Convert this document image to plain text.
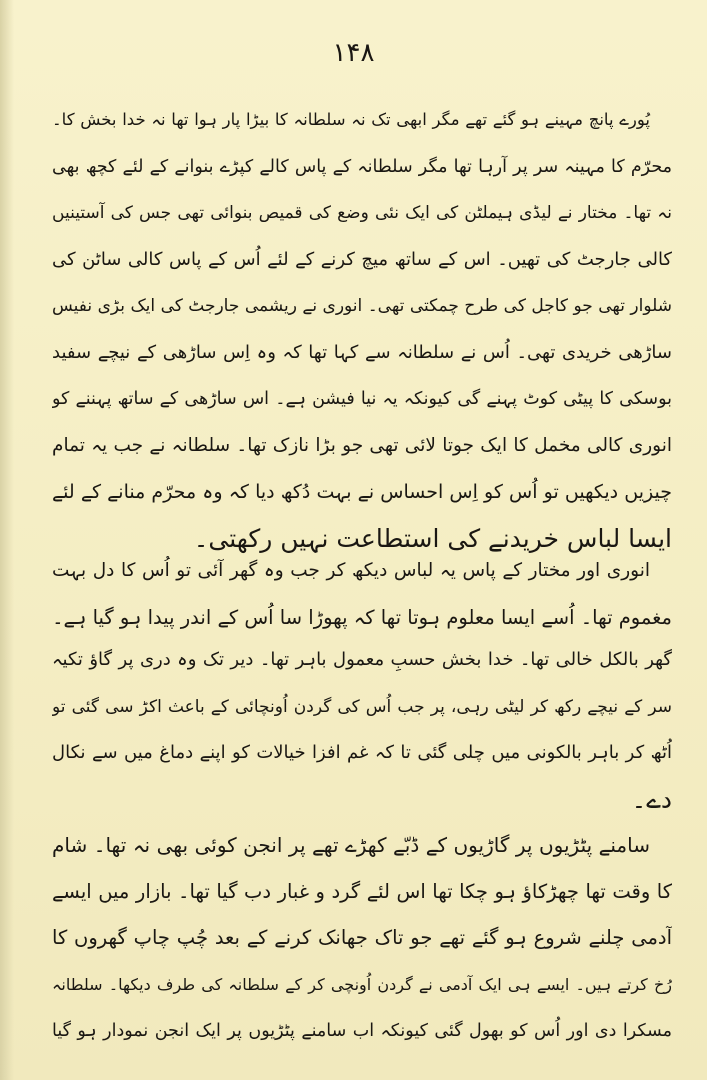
۱۴۸
پُورے پانچ مہینے ہو گئے تھے مگر ابھی تک نہ سلطانہ کا بیڑا پار ہوا تھا نہ خدا بخش کا۔
محرّم کا مہینہ سر پر آرہا تھا مگر سلطانہ کے پاس کالے کپڑے بنوانے کے لئے کچھ بھی
نہ تھا۔ مختار نے لیڈی ہیملٹن کی ایک نئی وضع کی قمیص بنوائی تھی جس کی آستینیں
کالی جارجٹ کی تھیں۔ اس کے ساتھ میچ کرنے کے لئے اُس کے پاس کالی ساٹن کی
شلوار تھی جو کاجل کی طرح چمکتی تھی۔ انوری نے ریشمی جارجٹ کی ایک بڑی نفیس
ساڑھی خریدی تھی۔ اُس نے سلطانہ سے کہا تھا کہ وہ اِس ساڑھی کے نیچے سفید
بوسکی کا پیٹی کوٹ پہنے گی کیونکہ یہ نیا فیشن ہے۔ اس ساڑھی کے ساتھ پہننے کو
انوری کالی مخمل کا ایک جوتا لائی تھی جو بڑا نازک تھا۔ سلطانہ نے جب یہ تمام
چیزیں دیکھیں تو اُس کو اِس احساس نے بہت دُکھ دیا کہ وہ محرّم منانے کے لئے
ایسا لباس خریدنے کی استطاعت نہیں رکھتی۔
انوری اور مختار کے پاس یہ لباس دیکھ کر جب وہ گھر آئی تو اُس کا دل بہت
مغموم تھا۔ اُسے ایسا معلوم ہوتا تھا کہ پھوڑا سا اُس کے اندر پیدا ہو گیا ہے۔
گھر بالکل خالی تھا۔ خدا بخش حسبِ معمول باہر تھا۔ دیر تک وہ دری پر گاؤ تکیہ
سر کے نیچے رکھ کر لیٹی رہی، پر جب اُس کی گردن اُونچائی کے باعث اکڑ سی گئی تو
اُٹھ کر باہر بالکونی میں چلی گئی تا کہ غم افزا خیالات کو اپنے دماغ میں سے نکال
دے۔
سامنے پٹڑیوں پر گاڑیوں کے ڈبّے کھڑے تھے پر انجن کوئی بھی نہ تھا۔ شام
کا وقت تھا چھڑکاؤ ہو چکا تھا اس لئے گرد و غبار دب گیا تھا۔ بازار میں ایسے
آدمی چلنے شروع ہو گئے تھے جو تاک جھانک کرنے کے بعد چُپ چاپ گھروں کا
رُخ کرتے ہیں۔ ایسے ہی ایک آدمی نے گردن اُونچی کر کے سلطانہ کی طرف دیکھا۔ سلطانہ
مسکرا دی اور اُس کو بھول گئی کیونکہ اب سامنے پٹڑیوں پر ایک انجن نمودار ہو گیا
